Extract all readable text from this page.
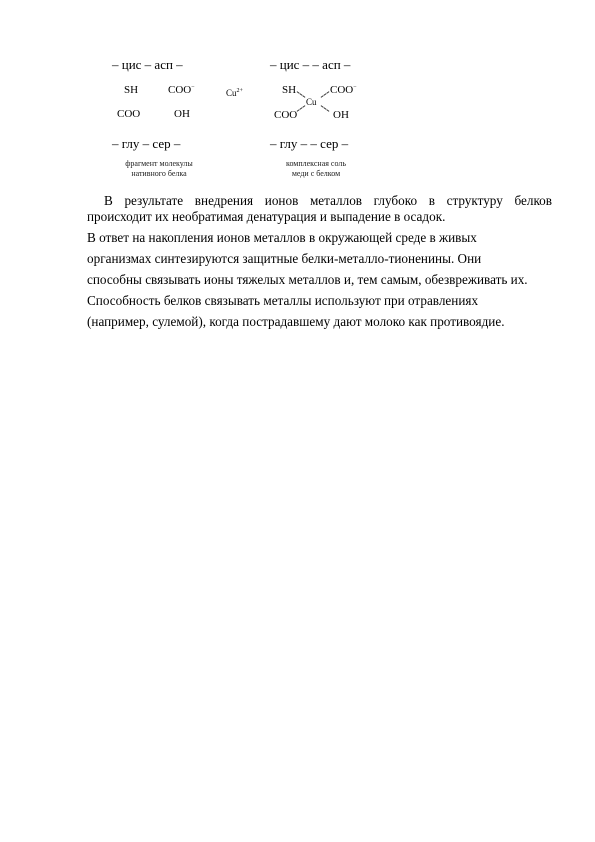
– цис – асп –
SH	COO−
COO	OH
– глу – сер –
фрагмент молекулы
нативного белка
$Cu^{2+}$
– цис – – асп –
SH
Cu
COO−
COO	OH
– глу – – сер –
комплексная соль
меди с белком

В результате внедрения ионов металлов глубоко в структуру белков происходит их необратимая денатурация и выпадение в осадок.

В ответ на накопления ионов металлов в окружающей среде в живых
организмах синтезируются защитные белки-металло-тионенины. Они
способны связывать ионы тяжелых металлов и, тем самым, обезвреживать их.
Способность белков связывать металлы используют при отравлениях
(например, сулемой), когда пострадавшему дают молоко как противоядие.
